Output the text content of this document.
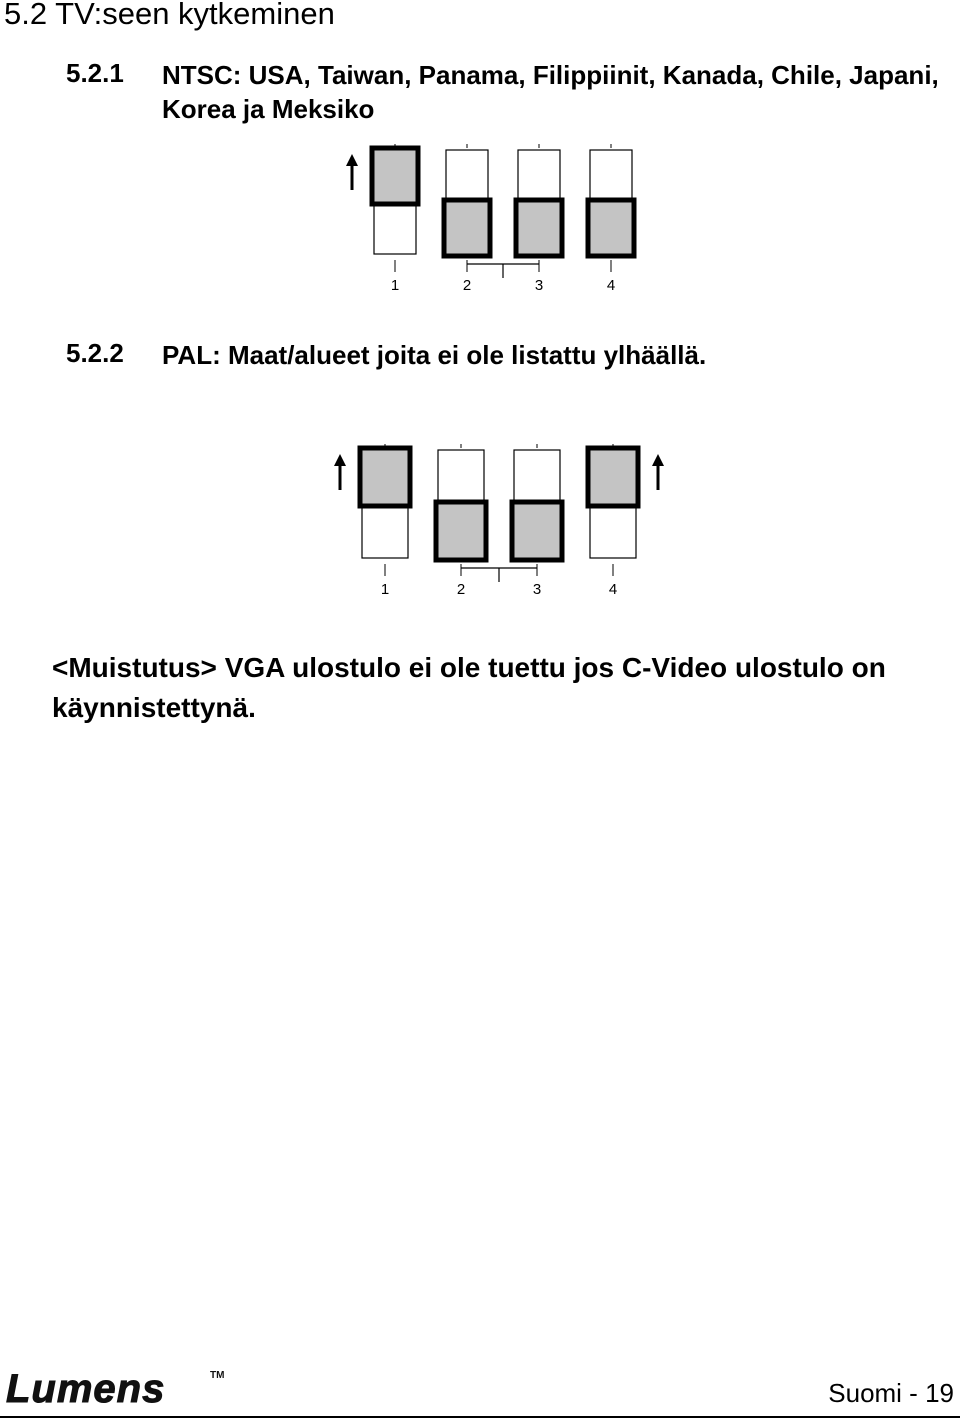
5.2 TV:seen kytkeminen
5.2.1 NTSC: USA, Taiwan, Panama, Filippiinit, Kanada, Chile, Japani, Korea ja Meksiko
1	2	3	4
5.2.2 PAL: Maat/alueet joita ei ole listattu ylhäällä.
1	2	3	4
<Muistutus> VGA ulostulo ei ole tuettu jos C-Video ulostulo on käynnistettynä.
Lumens	TM
Suomi - 19
